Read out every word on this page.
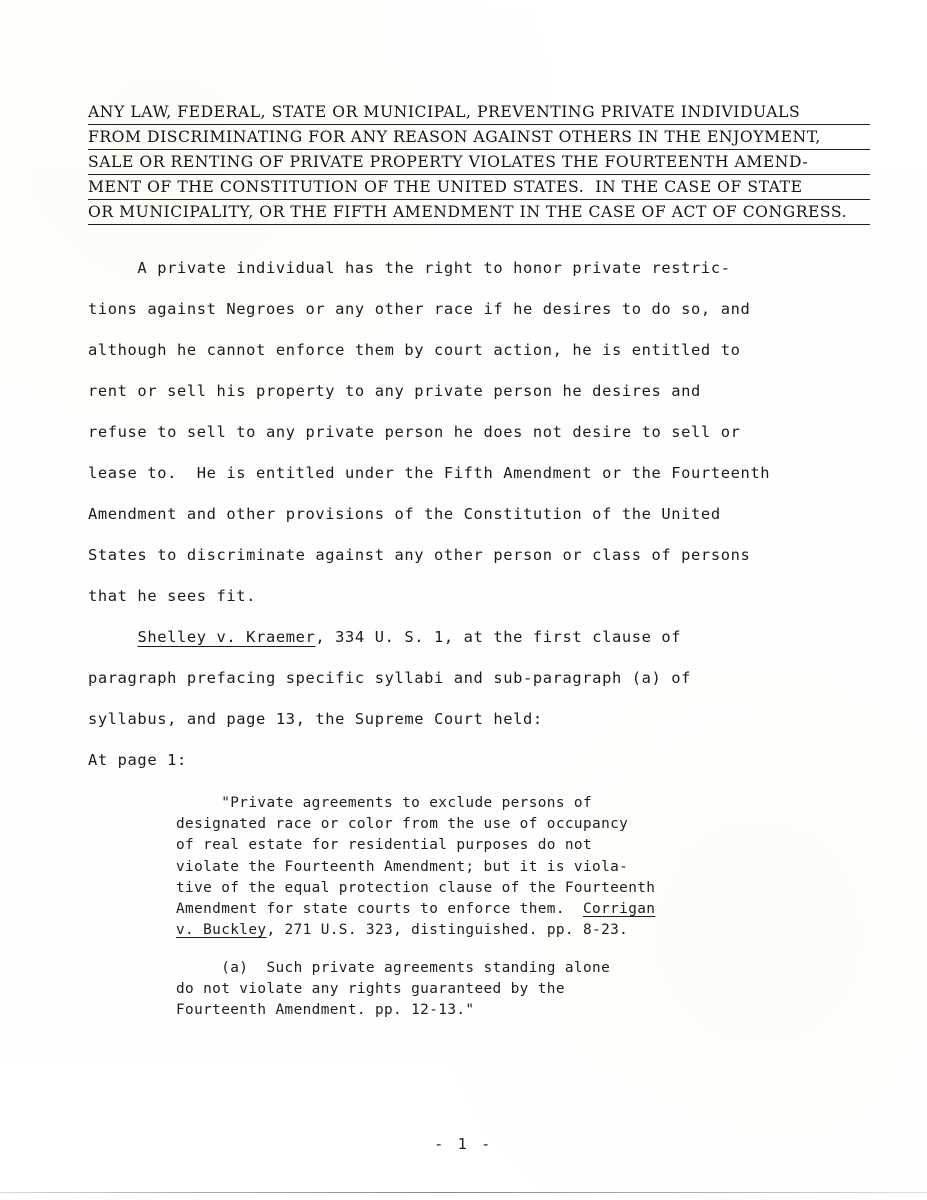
ANY LAW, FEDERAL, STATE OR MUNICIPAL, PREVENTING PRIVATE INDIVIDUALS
FROM DISCRIMINATING FOR ANY REASON AGAINST OTHERS IN THE ENJOYMENT,
SALE OR RENTING OF PRIVATE PROPERTY VIOLATES THE FOURTEENTH AMEND-
MENT OF THE CONSTITUTION OF THE UNITED STATES.  IN THE CASE OF STATE
OR MUNICIPALITY, OR THE FIFTH AMENDMENT IN THE CASE OF ACT OF CONGRESS.
A private individual has the right to honor private restric-
tions against Negroes or any other race if he desires to do so, and
although he cannot enforce them by court action, he is entitled to
rent or sell his property to any private person he desires and
refuse to sell to any private person he does not desire to sell or
lease to.  He is entitled under the Fifth Amendment or the Fourteenth
Amendment and other provisions of the Constitution of the United
States to discriminate against any other person or class of persons
that he sees fit.
Shelley v. Kraemer, 334 U. S. 1, at the first clause of
paragraph prefacing specific syllabi and sub-paragraph (a) of
syllabus, and page 13, the Supreme Court held:
At page 1:
"Private agreements to exclude persons of
designated race or color from the use of occupancy
of real estate for residential purposes do not
violate the Fourteenth Amendment; but it is viola-
tive of the equal protection clause of the Fourteenth
Amendment for state courts to enforce them.  Corrigan
v. Buckley, 271 U.S. 323, distinguished. pp. 8-23.
(a)  Such private agreements standing alone
do not violate any rights guaranteed by the
Fourteenth Amendment. pp. 12-13."
- 1 -
